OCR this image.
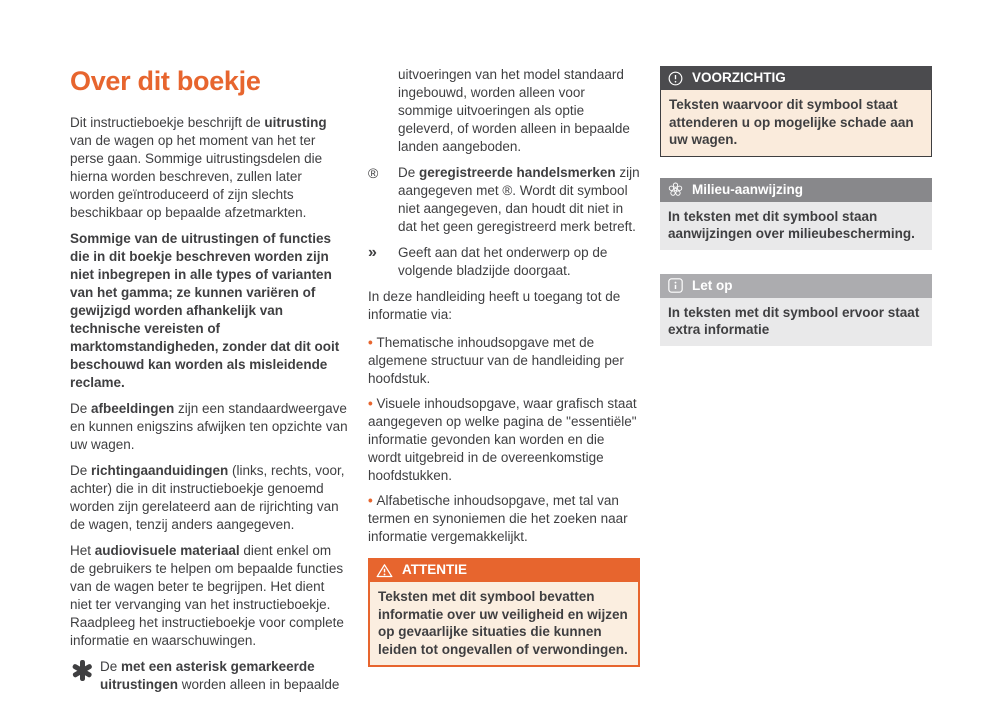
Over dit boekje

Dit instructieboekje beschrijft de uitrusting van de wagen op het moment van het ter perse gaan. Sommige uitrustingsdelen die hierna worden beschreven, zullen later worden geïntroduceerd of zijn slechts beschikbaar op bepaalde afzetmarkten.

Sommige van de uitrustingen of functies die in dit boekje beschreven worden zijn niet inbegrepen in alle types of varianten van het gamma; ze kunnen variëren of gewijzigd worden afhankelijk van technische vereisten of marktomstandigheden, zonder dat dit ooit beschouwd kan worden als misleidende reclame.

De afbeeldingen zijn een standaardweergave en kunnen enigszins afwijken ten opzichte van uw wagen.

De richtingaanduidingen (links, rechts, voor, achter) die in dit instructieboekje genoemd worden zijn gerelateerd aan de rijrichting van de wagen, tenzij anders aangegeven.

Het audiovisuele materiaal dient enkel om de gebruikers te helpen om bepaalde functies van de wagen beter te begrijpen. Het dient niet ter vervanging van het instructieboekje. Raadpleeg het instructieboekje voor complete informatie en waarschuwingen.

De met een asterisk gemarkeerde uitrustingen worden alleen in bepaalde
uitvoeringen van het model standaard ingebouwd, worden alleen voor sommige uitvoeringen als optie geleverd, of worden alleen in bepaalde landen aangeboden.
®	De geregistreerde handelsmerken zijn aangegeven met ®. Wordt dit symbool niet aangegeven, dan houdt dit niet in dat het geen geregistreerd merk betreft.
»	Geeft aan dat het onderwerp op de volgende bladzijde doorgaat.

In deze handleiding heeft u toegang tot de informatie via:

• Thematische inhoudsopgave met de algemene structuur van de handleiding per hoofdstuk.

• Visuele inhoudsopgave, waar grafisch staat aangegeven op welke pagina de "essentiële" informatie gevonden kan worden en die wordt uitgebreid in de overeenkomstige hoofdstukken.

• Alfabetische inhoudsopgave, met tal van termen en synoniemen die het zoeken naar informatie vergemakkelijkt.

ATTENTIE
Teksten met dit symbool bevatten informatie over uw veiligheid en wijzen op gevaarlijke situaties die kunnen leiden tot ongevallen of verwondingen.
VOORZICHTIG
Teksten waarvoor dit symbool staat attenderen u op mogelijke schade aan uw wagen.
Milieu-aanwijzing
In teksten met dit symbool staan aanwijzingen over milieubescherming.
Let op
In teksten met dit symbool ervoor staat extra informatie
